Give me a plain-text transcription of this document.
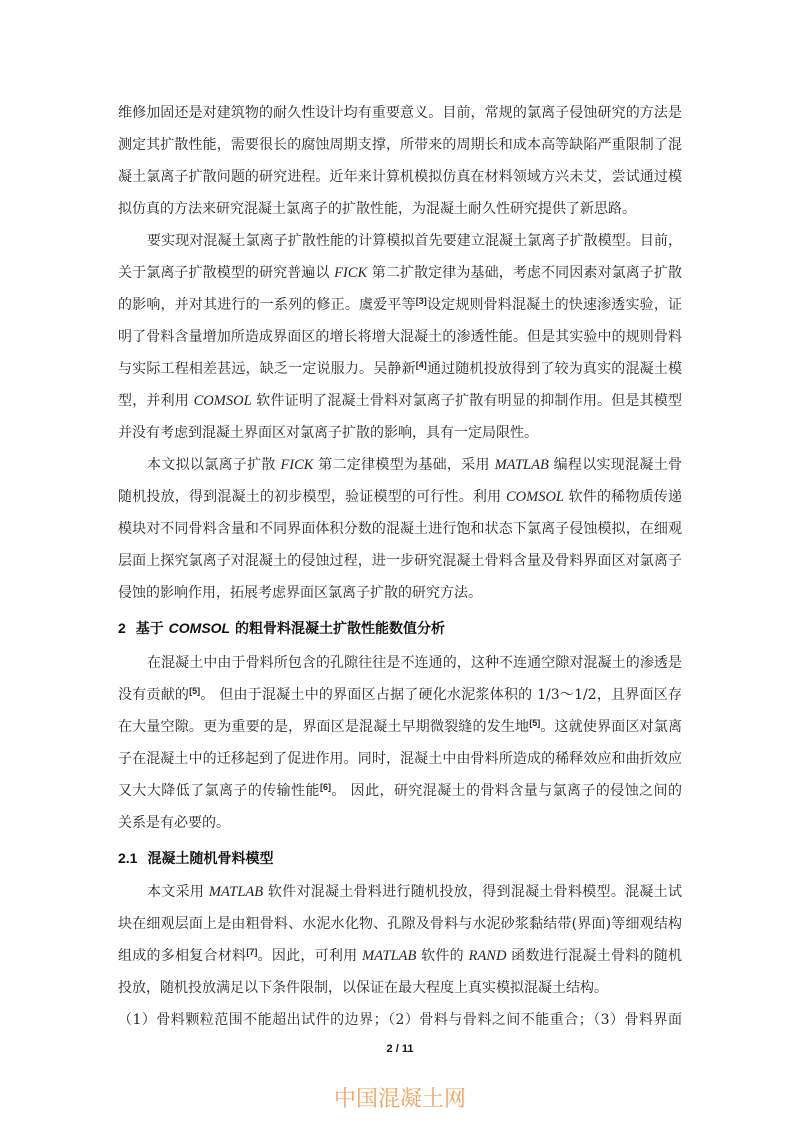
维修加固还是对建筑物的耐久性设计均有重要意义。目前，常规的氯离子侵蚀研究的方法是
测定其扩散性能，需要很长的腐蚀周期支撑，所带来的周期长和成本高等缺陷严重限制了混
凝土氯离子扩散问题的研究进程。近年来计算机模拟仿真在材料领域方兴未艾，尝试通过模
拟仿真的方法来研究混凝土氯离子的扩散性能，为混凝土耐久性研究提供了新思路。
要实现对混凝土氯离子扩散性能的计算模拟首先要建立混凝土氯离子扩散模型。目前，
关于氯离子扩散模型的研究普遍以 FICK 第二扩散定律为基础，考虑不同因素对氯离子扩散
的影响，并对其进行的一系列的修正。虞爱平等[3]设定规则骨料混凝土的快速渗透实验，证
明了骨料含量增加所造成界面区的增长将增大混凝土的渗透性能。但是其实验中的规则骨料
与实际工程相差甚远，缺乏一定说服力。吴静新[4]通过随机投放得到了较为真实的混凝土模
型，并利用 COMSOL 软件证明了混凝土骨料对氯离子扩散有明显的抑制作用。但是其模型
并没有考虑到混凝土界面区对氯离子扩散的影响，具有一定局限性。
本文拟以氯离子扩散 FICK 第二定律模型为基础，采用 MATLAB 编程以实现混凝土骨
随机投放，得到混凝土的初步模型，验证模型的可行性。利用 COMSOL 软件的稀物质传递
模块对不同骨料含量和不同界面体积分数的混凝土进行饱和状态下氯离子侵蚀模拟，在细观
层面上探究氯离子对混凝土的侵蚀过程，进一步研究混凝土骨料含量及骨料界面区对氯离子
侵蚀的影响作用，拓展考虑界面区氯离子扩散的研究方法。
2 基于 COMSOL 的粗骨料混凝土扩散性能数值分析
在混凝土中由于骨料所包含的孔隙往往是不连通的，这种不连通空隙对混凝土的渗透是
没有贡献的[5]。 但由于混凝土中的界面区占据了硬化水泥浆体积的 1/3～1/2，且界面区存
在大量空隙。更为重要的是，界面区是混凝土早期微裂缝的发生地[5]。这就使界面区对氯离
子在混凝土中的迁移起到了促进作用。同时，混凝土中由骨料所造成的稀释效应和曲折效应
又大大降低了氯离子的传输性能[6]。 因此，研究混凝土的骨料含量与氯离子的侵蚀之间的
关系是有必要的。
2.1 混凝土随机骨料模型
本文采用 MATLAB 软件对混凝土骨料进行随机投放，得到混凝土骨料模型。混凝土试
块在细观层面上是由粗骨料、水泥水化物、孔隙及骨料与水泥砂浆黏结带(界面)等细观结构
组成的多相复合材料[7]。因此，可利用 MATLAB 软件的 RAND 函数进行混凝土骨料的随机
投放，随机投放满足以下条件限制，以保证在最大程度上真实模拟混凝土结构。
（1）骨料颗粒范围不能超出试件的边界；（2）骨料与骨料之间不能重合；（3）骨料界面
2 / 11
中国混凝土网
